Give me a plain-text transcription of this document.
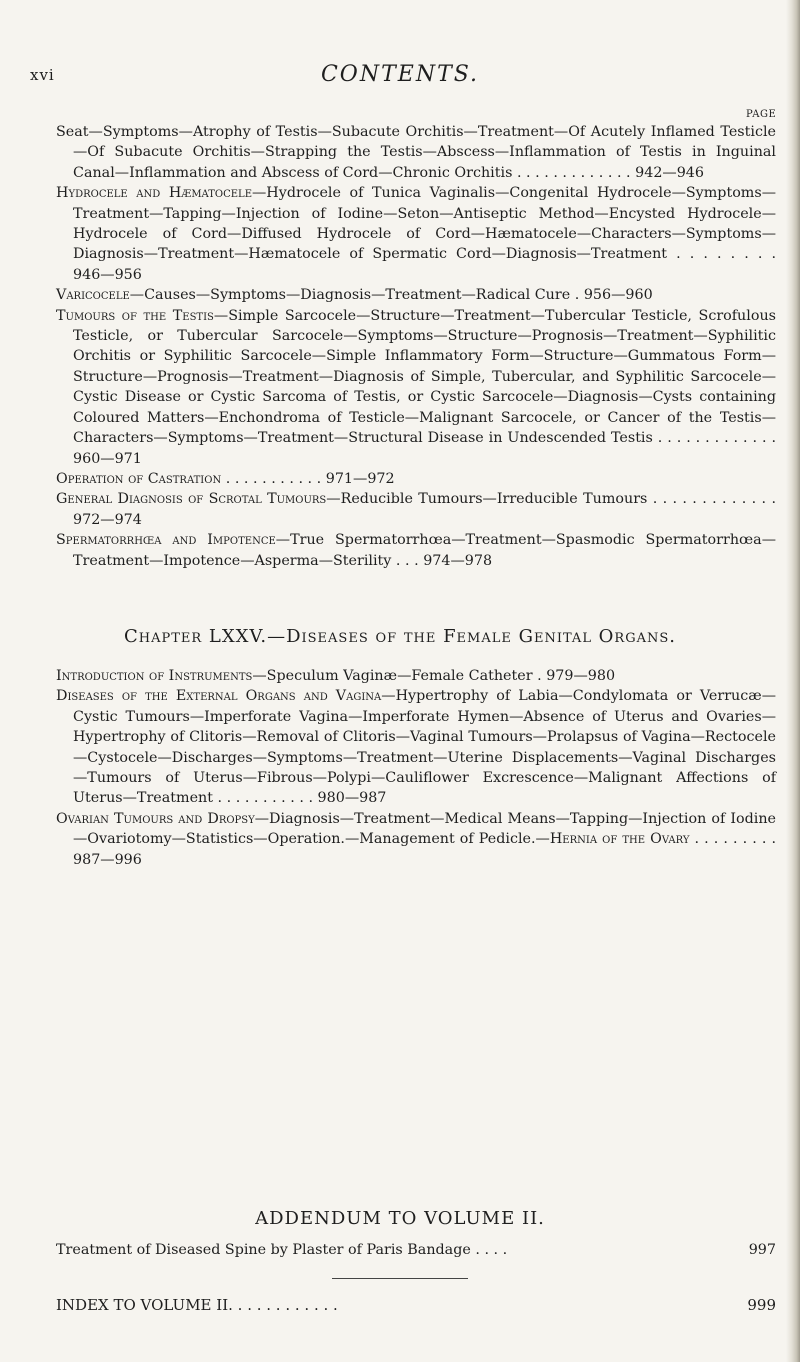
xvi	CONTENTS.
PAGE

Seat—Symptoms—Atrophy of Testis—Subacute Orchitis—Treatment—Of Acutely Inflamed Testicle—Of Subacute Orchitis—Strapping the Testis—Abscess—Inflammation of Testis in Inguinal Canal—Inflammation and Abscess of Cord—Chronic Orchitis . . . . . . . . . . . . . 942—946

Hydrocele and Hæmatocele—Hydrocele of Tunica Vaginalis—Congenital Hydrocele—Symptoms—Treatment—Tapping—Injection of Iodine—Seton—Antiseptic Method—Encysted Hydrocele—Hydrocele of Cord—Diffused Hydrocele of Cord—Hæmatocele—Characters—Symptoms—Diagnosis—Treatment—Hæmatocele of Spermatic Cord—Diagnosis—Treatment . . . . . . . . 946—956

Varicocele—Causes—Symptoms—Diagnosis—Treatment—Radical Cure . 956—960

Tumours of the Testis—Simple Sarcocele—Structure—Treatment—Tubercular Testicle, Scrofulous Testicle, or Tubercular Sarcocele—Symptoms—Structure—Prognosis—Treatment—Syphilitic Orchitis or Syphilitic Sarcocele—Simple Inflammatory Form—Structure—Gummatous Form—Structure—Prognosis—Treatment—Diagnosis of Simple, Tubercular, and Syphilitic Sarcocele—Cystic Disease or Cystic Sarcoma of Testis, or Cystic Sarcocele—Diagnosis—Cysts containing Coloured Matters—Enchondroma of Testicle—Malignant Sarcocele, or Cancer of the Testis—Characters—Symptoms—Treatment—Structural Disease in Undescended Testis . . . . . . . . . . . . . 960—971

Operation of Castration . . . . . . . . . . . 971—972

General Diagnosis of Scrotal Tumours—Reducible Tumours—Irreducible Tumours . . . . . . . . . . . . . 972—974

Spermatorrhœa and Impotence—True Spermatorrhœa—Treatment—Spasmodic Spermatorrhœa—Treatment—Impotence—Asperma—Sterility . . . 974—978

Chapter LXXV.—Diseases of the Female Genital Organs.

Introduction of Instruments—Speculum Vaginæ—Female Catheter . 979—980

Diseases of the External Organs and Vagina—Hypertrophy of Labia—Condylomata or Verrucæ—Cystic Tumours—Imperforate Vagina—Imperforate Hymen—Absence of Uterus and Ovaries—Hypertrophy of Clitoris—Removal of Clitoris—Vaginal Tumours—Prolapsus of Vagina—Rectocele—Cystocele—Discharges—Symptoms—Treatment—Uterine Displacements—Vaginal Discharges—Tumours of Uterus—Fibrous—Polypi—Cauliflower Excrescence—Malignant Affections of Uterus—Treatment . . . . . . . . . . . 980—987

Ovarian Tumours and Dropsy—Diagnosis—Treatment—Medical Means—Tapping—Injection of Iodine—Ovariotomy—Statistics—Operation.—Management of Pedicle.—Hernia of the Ovary . . . . . . . . . 987—996

ADDENDUM TO VOLUME II.
Treatment of Diseased Spine by Plaster of Paris Bandage . . . .	997
INDEX TO VOLUME II. . . . . . . . . . . .	999
